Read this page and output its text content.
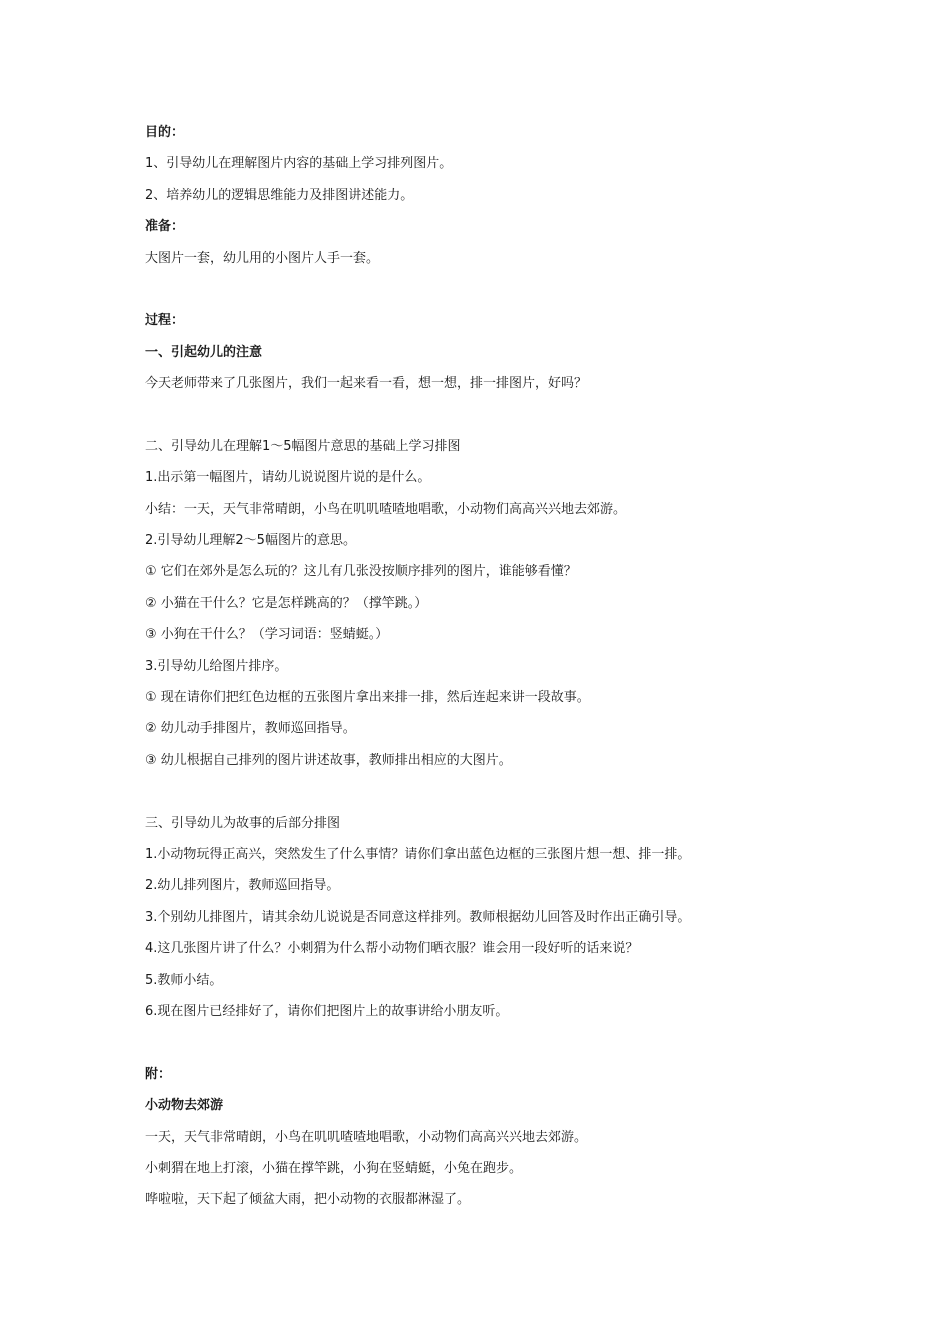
目的：
1、引导幼儿在理解图片内容的基础上学习排列图片。
2、培养幼儿的逻辑思维能力及排图讲述能力。
准备：
大图片一套，幼儿用的小图片人手一套。
过程：
一、引起幼儿的注意
今天老师带来了几张图片，我们一起来看一看，想一想，排一排图片，好吗？
二、引导幼儿在理解1～5幅图片意思的基础上学习排图
1.出示第一幅图片，请幼儿说说图片说的是什么。
小结：一天，天气非常晴朗，小鸟在叽叽喳喳地唱歌，小动物们高高兴兴地去郊游。
2.引导幼儿理解2～5幅图片的意思。
① 它们在郊外是怎么玩的？这儿有几张没按顺序排列的图片，谁能够看懂？
② 小猫在干什么？它是怎样跳高的？（撑竿跳。）
③ 小狗在干什么？（学习词语：竖蜻蜓。）
3.引导幼儿给图片排序。
① 现在请你们把红色边框的五张图片拿出来排一排，然后连起来讲一段故事。
② 幼儿动手排图片，教师巡回指导。
③ 幼儿根据自己排列的图片讲述故事，教师排出相应的大图片。
三、引导幼儿为故事的后部分排图
1.小动物玩得正高兴，突然发生了什么事情？请你们拿出蓝色边框的三张图片想一想、排一排。
2.幼儿排列图片，教师巡回指导。
3.个别幼儿排图片，请其余幼儿说说是否同意这样排列。教师根据幼儿回答及时作出正确引导。
4.这几张图片讲了什么？小刺猬为什么帮小动物们晒衣服？谁会用一段好听的话来说？
5.教师小结。
6.现在图片已经排好了，请你们把图片上的故事讲给小朋友听。
附：
小动物去郊游
一天，天气非常晴朗，小鸟在叽叽喳喳地唱歌，小动物们高高兴兴地去郊游。
小刺猬在地上打滚，小猫在撑竿跳，小狗在竖蜻蜓，小兔在跑步。
哗啦啦，天下起了倾盆大雨，把小动物的衣服都淋湿了。
